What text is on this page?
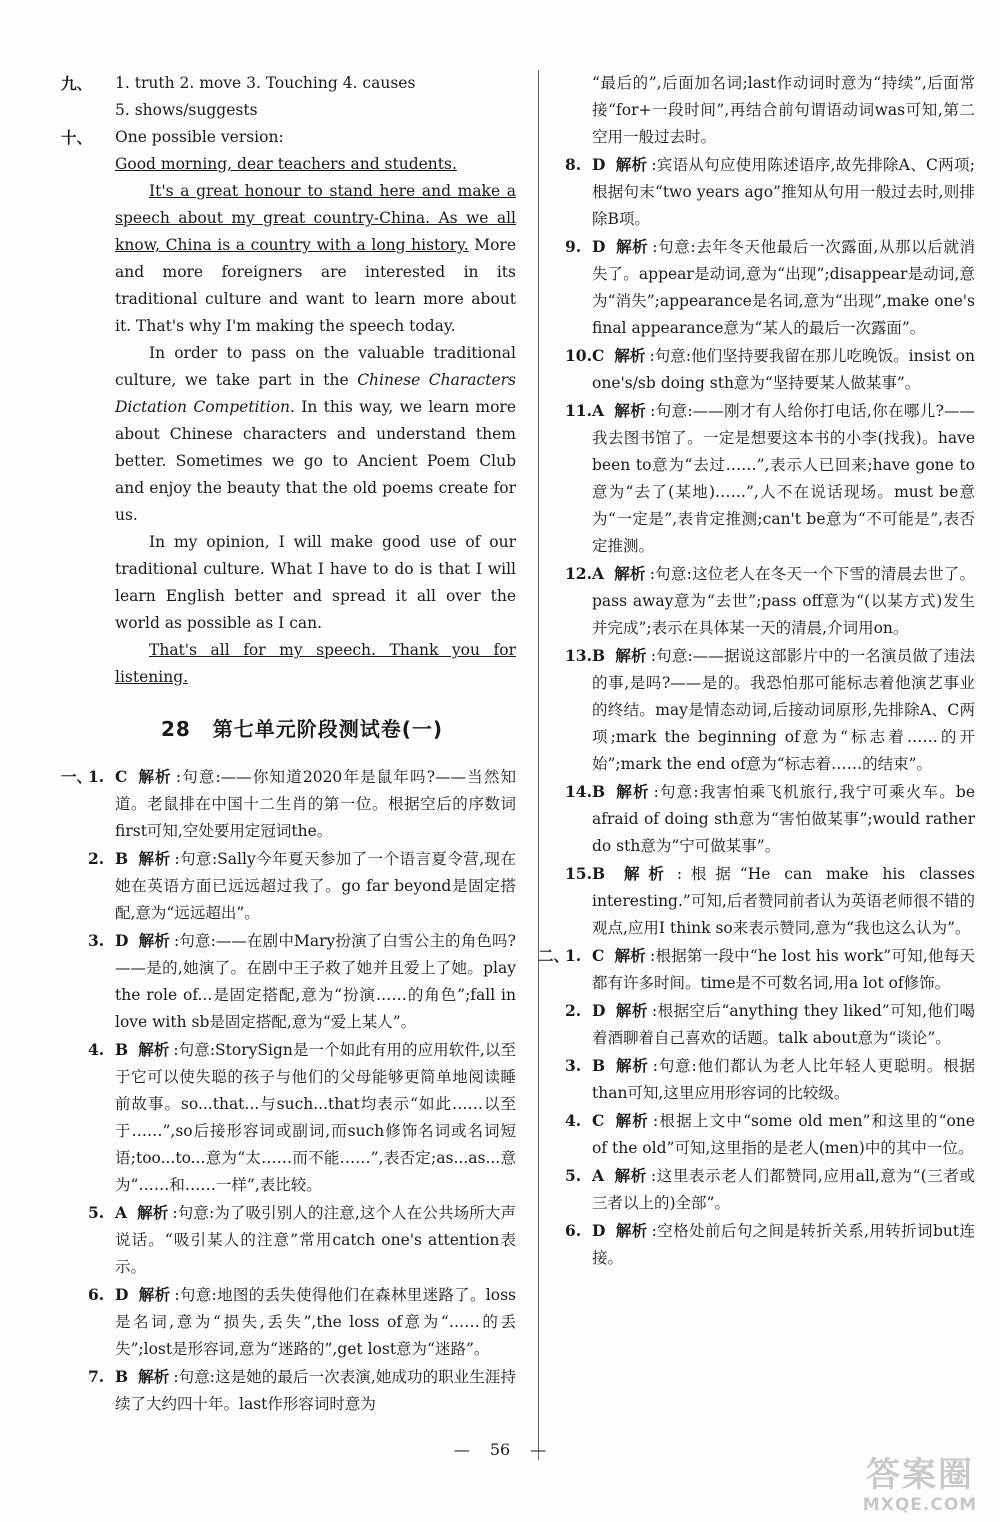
九、 1. truth 2. move 3. Touching 4. causes
5. shows/suggests

十、 One possible version:

Good morning, dear teachers and students.

It's a great honour to stand here and make a speech about my great country-China. As we all know, China is a country with a long history. More and more foreigners are interested in its traditional culture and want to learn more about it. That's why I'm making the speech today.

In order to pass on the valuable traditional culture, we take part in the Chinese Characters Dictation Competition. In this way, we learn more about Chinese characters and understand them better. Sometimes we go to Ancient Poem Club and enjoy the beauty that the old poems create for us.

In my opinion, I will make good use of our traditional culture. What I have to do is that I will learn English better and spread it all over the world as possible as I can.

That's all for my speech. Thank you for listening.

28 第七单元阶段测试卷(一)

一、
1. C 解析 :句意:——你知道2020年是鼠年吗?——当然知道。老鼠排在中国十二生肖的第一位。根据空后的序数词first可知,空处要用定冠词the。

2. B 解析 :句意:Sally今年夏天参加了一个语言夏令营,现在她在英语方面已远远超过我了。go far beyond是固定搭配,意为“远远超出”。

3. D 解析 :句意:——在剧中Mary扮演了白雪公主的角色吗?——是的,她演了。在剧中王子救了她并且爱上了她。play the role of...是固定搭配,意为“扮演……的角色”;fall in love with sb是固定搭配,意为“爱上某人”。

4. B 解析 :句意:StorySign是一个如此有用的应用软件,以至于它可以使失聪的孩子与他们的父母能够更简单地阅读睡前故事。so...that...与such...that均表示“如此……以至于……”,so后接形容词或副词,而such修饰名词或名词短语;too...to...意为“太……而不能……”,表否定;as...as...意为“……和……一样”,表比较。

5. A 解析 :句意:为了吸引别人的注意,这个人在公共场所大声说话。“吸引某人的注意”常用catch one's attention表示。

6. D 解析 :句意:地图的丢失使得他们在森林里迷路了。loss是名词,意为“损失,丢失”,the loss of意为“……的丢失”;lost是形容词,意为“迷路的”,get lost意为“迷路”。

7. B 解析 :句意:这是她的最后一次表演,她成功的职业生涯持续了大约四十年。last作形容词时意为

“最后的”,后面加名词;last作动词时意为“持续”,后面常接“for+一段时间”,再结合前句谓语动词was可知,第二空用一般过去时。

8. D 解析 :宾语从句应使用陈述语序,故先排除A、C两项;根据句末“two years ago”推知从句用一般过去时,则排除B项。

9. D 解析 :句意:去年冬天他最后一次露面,从那以后就消失了。appear是动词,意为“出现”;disappear是动词,意为“消失”;appearance是名词,意为“出现”,make one's final appearance意为“某人的最后一次露面”。

10. C 解析 :句意:他们坚持要我留在那儿吃晚饭。insist on one's/sb doing sth意为“坚持要某人做某事”。

11. A 解析 :句意:——刚才有人给你打电话,你在哪儿?——我去图书馆了。一定是想要这本书的小李(找我)。have been to意为“去过……”,表示人已回来;have gone to意为“去了(某地)……”,人不在说话现场。must be意为“一定是”,表肯定推测;can't be意为“不可能是”,表否定推测。

12. A 解析 :句意:这位老人在冬天一个下雪的清晨去世了。pass away意为“去世”;pass off意为“(以某方式)发生并完成”;表示在具体某一天的清晨,介词用on。

13. B 解析 :句意:——据说这部影片中的一名演员做了违法的事,是吗?——是的。我恐怕那可能标志着他演艺事业的终结。may是情态动词,后接动词原形,先排除A、C两项;mark the beginning of意为“标志着……的开始”;mark the end of意为“标志着……的结束”。

14. B 解析 :句意:我害怕乘飞机旅行,我宁可乘火车。be afraid of doing sth意为“害怕做某事”;would rather do sth意为“宁可做某事”。

15. B 解析 :根据“He can make his classes interesting.”可知,后者赞同前者认为英语老师很不错的观点,应用I think so来表示赞同,意为“我也这么认为”。

二、
1. C 解析 :根据第一段中“he lost his work”可知,他每天都有许多时间。time是不可数名词,用a lot of修饰。

2. D 解析 :根据空后“anything they liked”可知,他们喝着酒聊着自己喜欢的话题。talk about意为“谈论”。

3. B 解析 :句意:他们都认为老人比年轻人更聪明。根据than可知,这里应用形容词的比较级。

4. C 解析 :根据上文中“some old men”和这里的“one of the old”可知,这里指的是老人(men)中的其中一位。

5. A 解析 :这里表示老人们都赞同,应用all,意为“(三者或三者以上的)全部”。

6. D 解析 :空格处前后句之间是转折关系,用转折词but连接。

— 56 —
答案圈
MXQE.COM
